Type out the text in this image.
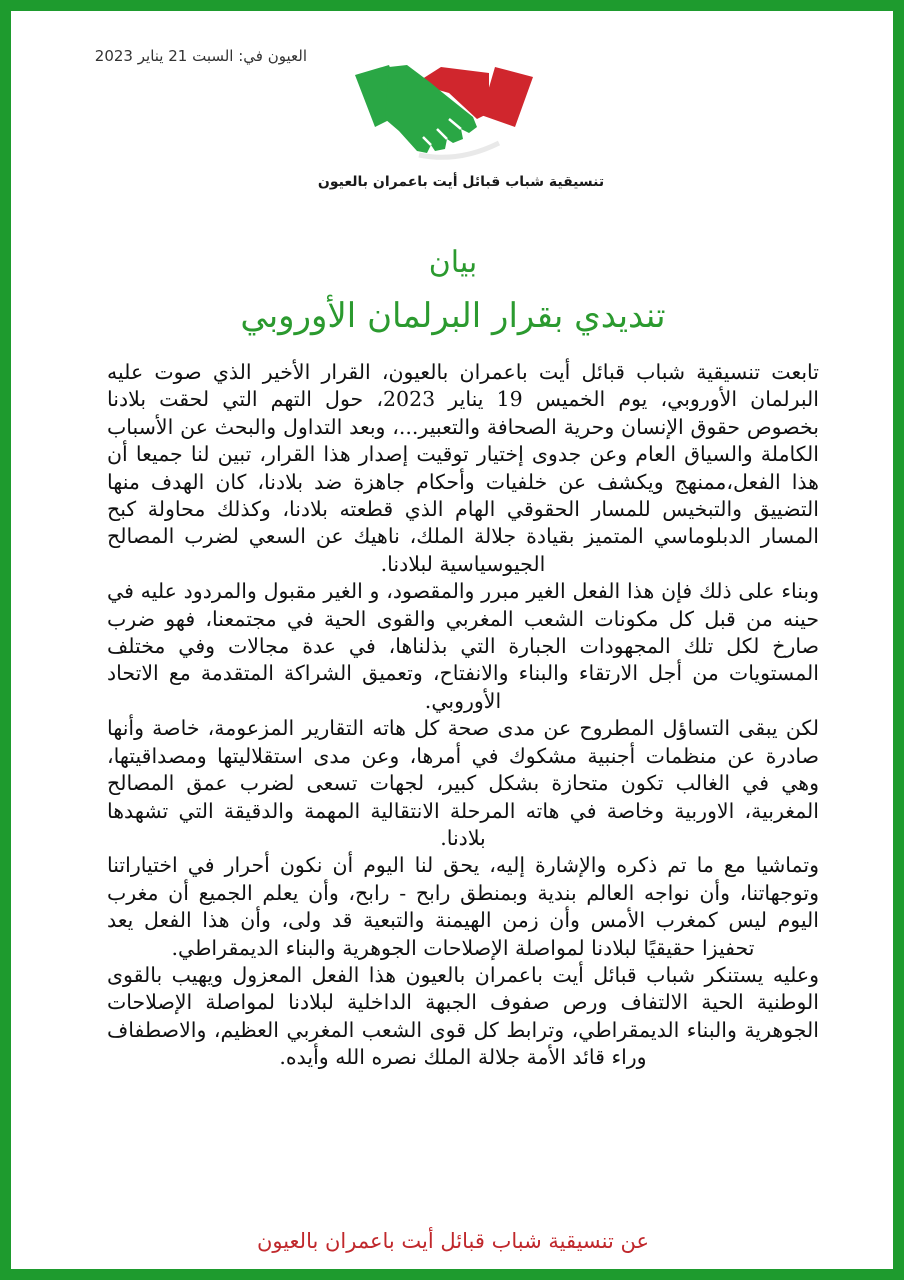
العيون في: السبت 21 يناير 2023
تنسيقية شباب قبائل أيت باعمران بالعيون
بيان
تنديدي بقرار البرلمان الأوروبي

تابعت تنسيقية شباب قبائل أيت باعمران بالعيون، القرار الأخير الذي صوت عليه البرلمان الأوروبي، يوم الخميس 19 يناير 2023، حول التهم التي لحقت بلادنا بخصوص حقوق الإنسان وحرية الصحافة والتعبير...، وبعد التداول والبحث عن الأسباب الكاملة والسياق العام وعن جدوى إختيار توقيت إصدار هذا القرار، تبين لنا جميعا أن هذا الفعل،ممنهج ويكشف عن خلفيات وأحكام جاهزة ضد بلادنا، كان الهدف منها التضييق والتبخيس للمسار الحقوقي الهام الذي قطعته بلادنا، وكذلك محاولة كبح المسار الدبلوماسي المتميز بقيادة جلالة الملك، ناهيك عن السعي لضرب المصالح الجيوسياسية لبلادنا.

وبناء على ذلك فإن هذا الفعل الغير مبرر والمقصود، و الغير مقبول والمردود عليه في حينه من قبل كل مكونات الشعب المغربي والقوى الحية في مجتمعنا، فهو ضرب صارخ لكل تلك المجهودات الجبارة التي بذلناها، في عدة مجالات وفي مختلف المستويات من أجل الارتقاء والبناء والانفتاح، وتعميق الشراكة المتقدمة مع الاتحاد الأوروبي.

لكن يبقى التساؤل المطروح عن مدى صحة كل هاته التقارير المزعومة، خاصة وأنها صادرة عن منظمات أجنبية مشكوك في أمرها، وعن مدى استقلاليتها ومصداقيتها، وهي في الغالب تكون متحازة بشكل كبير، لجهات تسعى لضرب عمق المصالح المغربية، الاوربية وخاصة في هاته المرحلة الانتقالية المهمة والدقيقة التي تشهدها بلادنا.

وتماشيا مع ما تم ذكره والإشارة إليه، يحق لنا اليوم أن نكون أحرار في اختياراتنا وتوجهاتنا، وأن نواجه العالم بندية وبمنطق رابح - رابح، وأن يعلم الجميع أن مغرب اليوم ليس كمغرب الأمس وأن زمن الهيمنة والتبعية قد ولى، وأن هذا الفعل يعد تحفيزا حقيقيًا لبلادنا لمواصلة الإصلاحات الجوهرية والبناء الديمقراطي.

وعليه يستنكر شباب قبائل أيت باعمران بالعيون هذا الفعل المعزول ويهيب بالقوى الوطنية الحية الالتفاف ورص صفوف الجبهة الداخلية لبلادنا لمواصلة الإصلاحات الجوهرية والبناء الديمقراطي، وترابط كل قوى الشعب المغربي العظيم، والاصطفاف وراء قائد الأمة جلالة الملك نصره الله وأيده.

عن تنسيقية شباب قبائل أيت باعمران بالعيون
